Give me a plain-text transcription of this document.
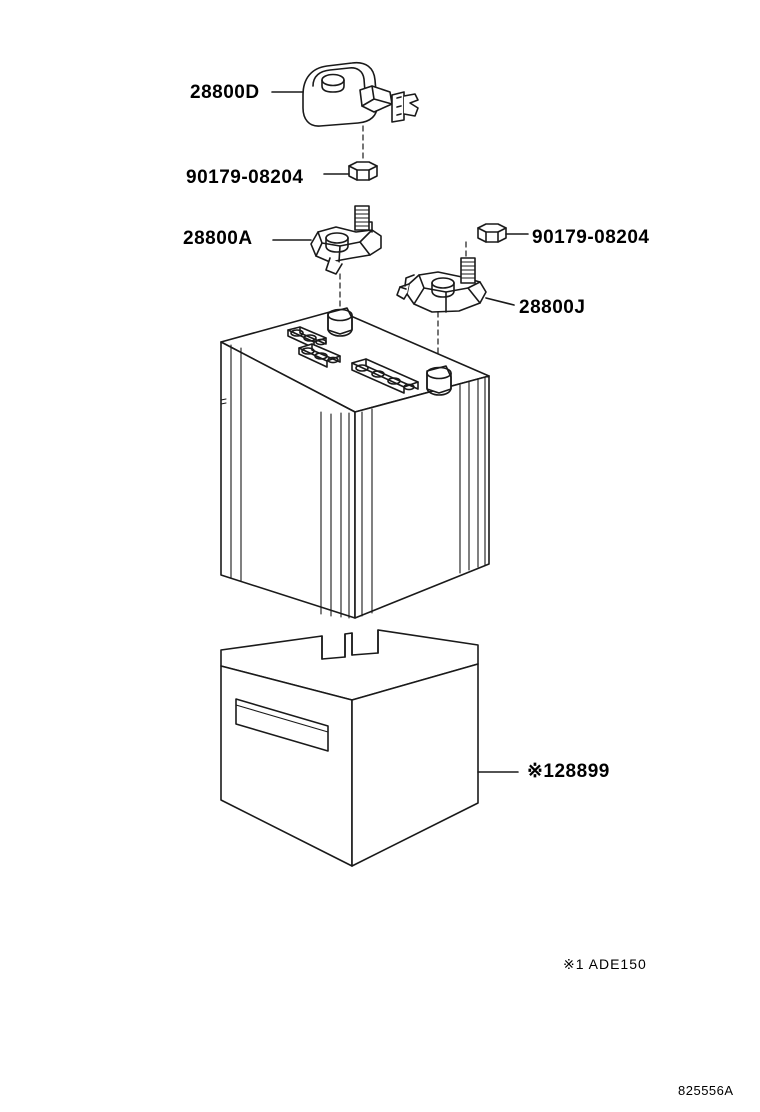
28800D
90179-08204
28800A	90179-08204
28800J
※128899
※1 ADE150
825556A
